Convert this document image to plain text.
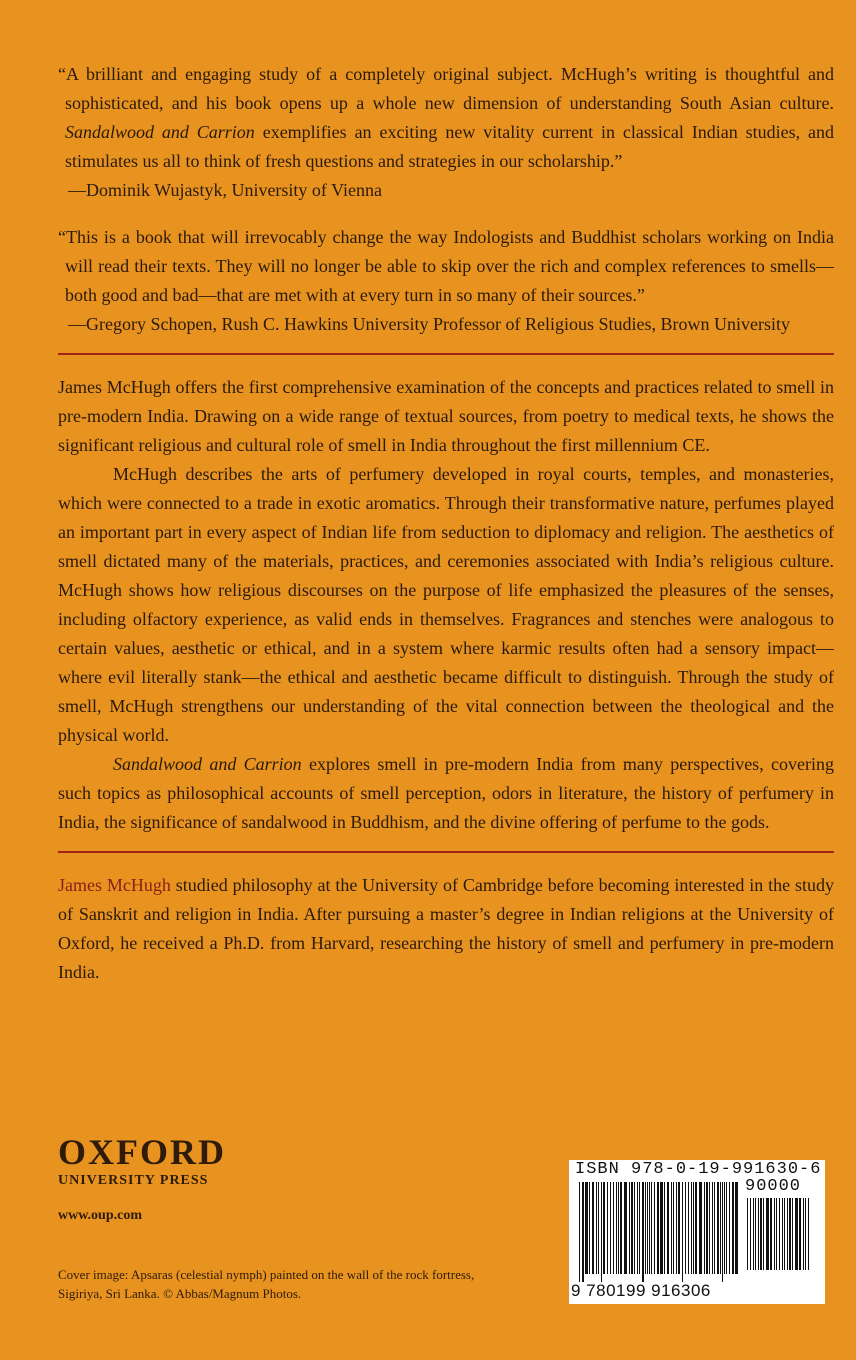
“A brilliant and engaging study of a completely original subject. McHugh’s writing is thoughtful and sophisticated, and his book opens up a whole new dimension of understanding South Asian culture. Sandalwood and Carrion exemplifies an exciting new vitality current in classical Indian studies, and stimulates us all to think of fresh questions and strategies in our scholarship.”
—Dominik Wujastyk, University of Vienna
“This is a book that will irrevocably change the way Indologists and Buddhist scholars working on India will read their texts. They will no longer be able to skip over the rich and complex references to smells—both good and bad—that are met with at every turn in so many of their sources.”
—Gregory Schopen, Rush C. Hawkins University Professor of Religious Studies, Brown University

James McHugh offers the first comprehensive examination of the concepts and practices related to smell in pre-modern India. Drawing on a wide range of textual sources, from poetry to medical texts, he shows the significant religious and cultural role of smell in India throughout the first millennium CE.

McHugh describes the arts of perfumery developed in royal courts, temples, and monasteries, which were connected to a trade in exotic aromatics. Through their transformative nature, perfumes played an important part in every aspect of Indian life from seduction to diplomacy and religion. The aesthetics of smell dictated many of the materials, practices, and ceremonies associated with India’s religious culture. McHugh shows how religious discourses on the purpose of life emphasized the pleasures of the senses, including olfactory experience, as valid ends in themselves. Fragrances and stenches were analogous to certain values, aesthetic or ethical, and in a system where karmic results often had a sensory impact—where evil literally stank—the ethical and aesthetic became difficult to distinguish. Through the study of smell, McHugh strengthens our understanding of the vital connection between the theological and the physical world.

Sandalwood and Carrion explores smell in pre-modern India from many perspectives, covering such topics as philosophical accounts of smell perception, odors in literature, the history of perfumery in India, the significance of sandalwood in Buddhism, and the divine offering of perfume to the gods.

James McHugh studied philosophy at the University of Cambridge before becoming interested in the study of Sanskrit and religion in India. After pursuing a master’s degree in Indian religions at the University of Oxford, he received a Ph.D. from Harvard, researching the history of smell and perfumery in pre-modern India.

OXFORD
UNIVERSITY PRESS
www.oup.com
Cover image: Apsaras (celestial nymph) painted on the wall of the rock fortress, Sigiriya, Sri Lanka. © Abbas/Magnum Photos.
ISBN 978-0-19-991630-6
90000
9 780199 916306
